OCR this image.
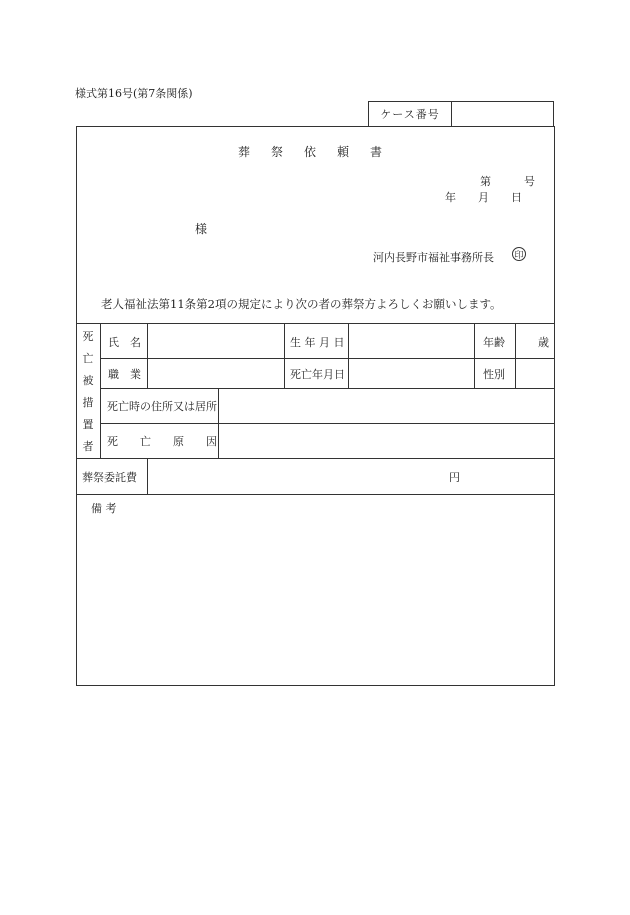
様式第16号(第7条関係)
ケース番号
葬祭依頼書
第　　　号
年　　月　　日
様
河内長野市福祉事務所長 印
老人福祉法第11条第2項の規定により次の者の葬祭方よろしくお願いします。
死
亡
被
措
置
者
氏　名	生 年 月 日	年齢	歳
職　業	死亡年月日	性別
死亡時の住所又は居所
死　　亡　　原　　因
葬祭委託費	円
備 考
